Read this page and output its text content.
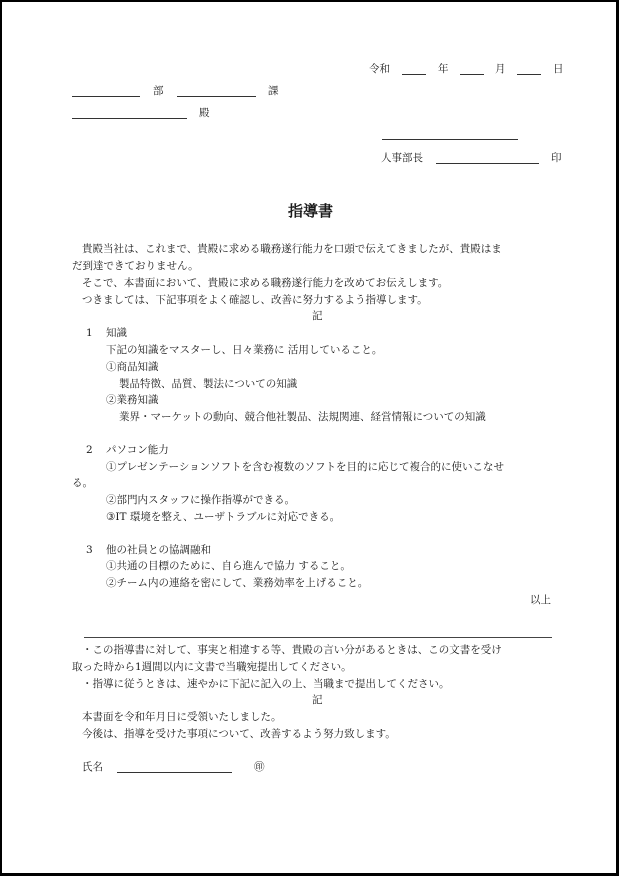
令和	年	月	日
部	課
殿
人事部長	印
指導書
貴殿当社は、これまで、貴殿に求める職務遂行能力を口頭で伝えてきましたが、貴殿はま
だ到達できておりません。
そこで、本書面において、貴殿に求める職務遂行能力を改めてお伝えします。
つきましては、下記事項をよく確認し、改善に努力するよう指導します。
記
1 知識
下記の知識をマスターし、日々業務に 活用していること。
①商品知識
製品特徴、品質、製法についての知識
②業務知識
業界・マーケットの動向、競合他社製品、法規関連、経営情報についての知識
2 パソコン能力
①プレゼンテーションソフトを含む複数のソフトを目的に応じて複合的に使いこなせ
る。
②部門内スタッフに操作指導ができる。
③IT 環境を整え、ユーザトラブルに対応できる。
3 他の社員との協調融和
①共通の目標のために、自ら進んで協力 すること。
②チーム内の連絡を密にして、業務効率を上げること。
以上
・この指導書に対して、事実と相違する等、貴殿の言い分があるときは、この文書を受け
取った時から1週間以内に文書で当職宛提出してください。
・指導に従うときは、速やかに下記に記入の上、当職まで提出してください。
記
本書面を令和年月日に受領いたしました。
今後は、指導を受けた事項について、改善するよう努力致します。
氏名	㊞
